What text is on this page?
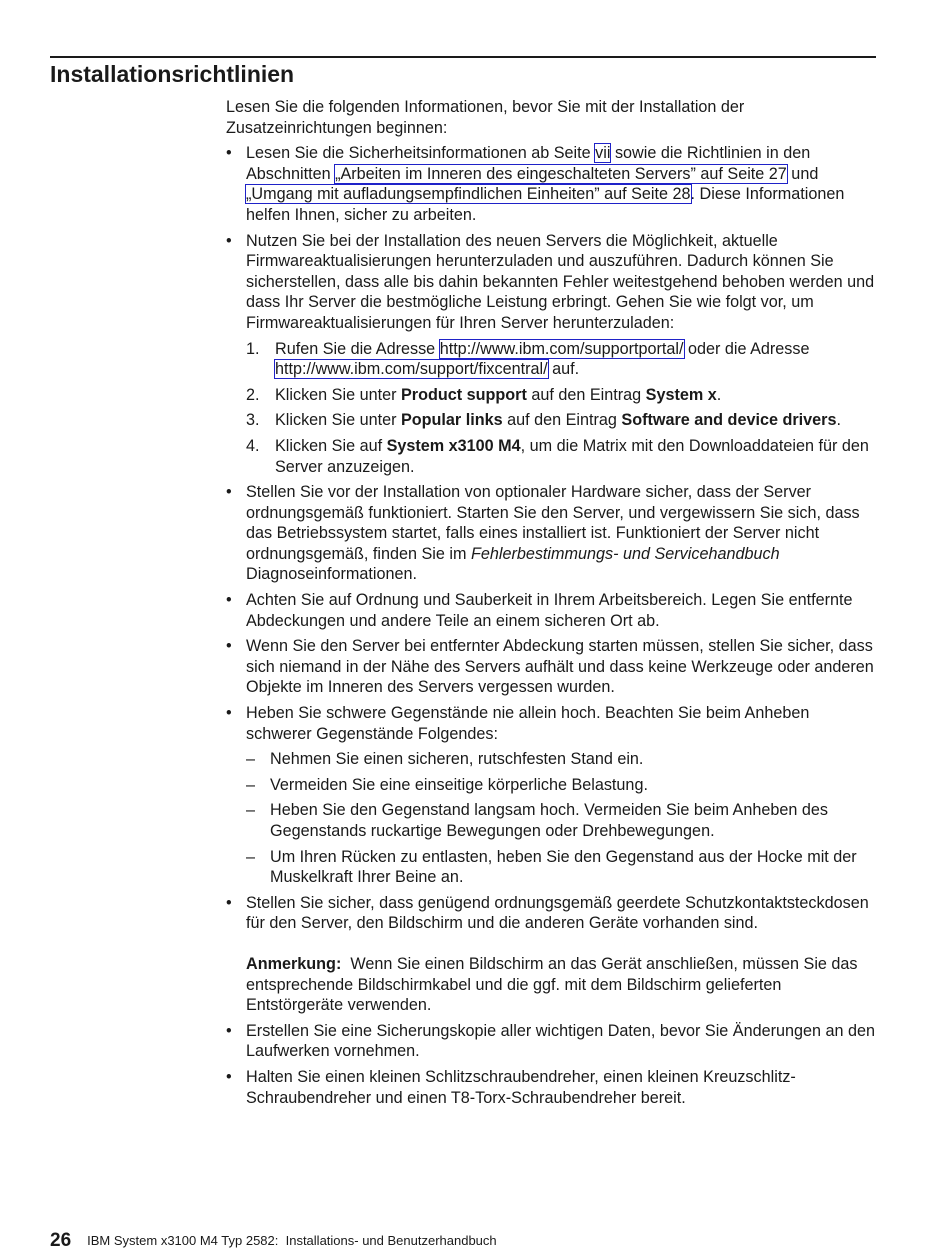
Installationsrichtlinien

Lesen Sie die folgenden Informationen, bevor Sie mit der Installation der Zusatzeinrichtungen beginnen:

• Lesen Sie die Sicherheitsinformationen ab Seite vii sowie die Richtlinien in den Abschnitten „Arbeiten im Inneren des eingeschalteten Servers” auf Seite 27 und „Umgang mit aufladungsempfindlichen Einheiten” auf Seite 28. Diese Informationen helfen Ihnen, sicher zu arbeiten.
• Nutzen Sie bei der Installation des neuen Servers die Möglichkeit, aktuelle Firmwareaktualisierungen herunterzuladen und auszuführen. Dadurch können Sie sicherstellen, dass alle bis dahin bekannten Fehler weitestgehend behoben werden und dass Ihr Server die bestmögliche Leistung erbringt. Gehen Sie wie folgt vor, um Firmwareaktualisierungen für Ihren Server herunterzuladen:
1. Rufen Sie die Adresse http://www.ibm.com/supportportal/ oder die Adresse http://www.ibm.com/support/fixcentral/ auf.
2. Klicken Sie unter Product support auf den Eintrag System x.
3. Klicken Sie unter Popular links auf den Eintrag Software and device drivers.
4. Klicken Sie auf System x3100 M4, um die Matrix mit den Downloaddateien für den Server anzuzeigen.
• Stellen Sie vor der Installation von optionaler Hardware sicher, dass der Server ordnungsgemäß funktioniert. Starten Sie den Server, und vergewissern Sie sich, dass das Betriebssystem startet, falls eines installiert ist. Funktioniert der Server nicht ordnungsgemäß, finden Sie im Fehlerbestimmungs- und Servicehandbuch Diagnoseinformationen.
• Achten Sie auf Ordnung und Sauberkeit in Ihrem Arbeitsbereich. Legen Sie entfernte Abdeckungen und andere Teile an einem sicheren Ort ab.
• Wenn Sie den Server bei entfernter Abdeckung starten müssen, stellen Sie sicher, dass sich niemand in der Nähe des Servers aufhält und dass keine Werkzeuge oder anderen Objekte im Inneren des Servers vergessen wurden.
• Heben Sie schwere Gegenstände nie allein hoch. Beachten Sie beim Anheben schwerer Gegenstände Folgendes:
– Nehmen Sie einen sicheren, rutschfesten Stand ein.
– Vermeiden Sie eine einseitige körperliche Belastung.
– Heben Sie den Gegenstand langsam hoch. Vermeiden Sie beim Anheben des Gegenstands ruckartige Bewegungen oder Drehbewegungen.
– Um Ihren Rücken zu entlasten, heben Sie den Gegenstand aus der Hocke mit der Muskelkraft Ihrer Beine an.
• Stellen Sie sicher, dass genügend ordnungsgemäß geerdete Schutzkontaktsteckdosen für den Server, den Bildschirm und die anderen Geräte vorhanden sind.

Anmerkung:  Wenn Sie einen Bildschirm an das Gerät anschließen, müssen Sie das entsprechende Bildschirmkabel und die ggf. mit dem Bildschirm gelieferten Entstörgeräte verwenden.

• Erstellen Sie eine Sicherungskopie aller wichtigen Daten, bevor Sie Änderungen an den Laufwerken vornehmen.
• Halten Sie einen kleinen Schlitzschraubendreher, einen kleinen Kreuzschlitz-Schraubendreher und einen T8-Torx-Schraubendreher bereit.
26 IBM System x3100 M4 Typ 2582:  Installations- und Benutzerhandbuch
